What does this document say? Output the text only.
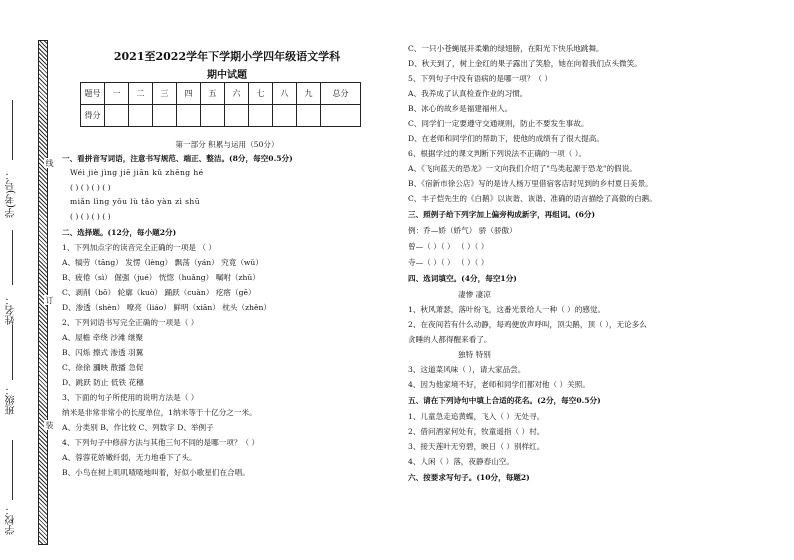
学(考)号：
姓名：
班级：
学校：
线
订
装
2021至2022学年下学期小学四年级语文学科
期中试题
题号	一	二	三	四	五	六	七	八	九	总分
得分										
第一部分 积累与运用（50分）
一、看拼音写词语，注意书写规范、端正、整洁。(8分，每空0.5分)
Wéi jiè jìng jiē jiān kǔ zhēng hé
( ) ( ) ( ) ( )
miǎn lìng yǒu lù tǎo yàn zì shū
( ) ( ) ( ) ( )
二、选择题。(12分，每小题2分)
1、下列加点字的读音完全正确的一项是 （ ）
A、犒劳（tāng） 发愣（lèng） 飘荡（yán） 究竟（wǔ）
B、疲倦（sì） 倔强（jué） 恍惚（huǎng） 嘱咐（zhǔ）
C、剥削（bō） 轮廓（kuò） 踊跃（cuàn） 疙瘩（gē）
D、渗透（shèn） 嘹亮（liáo） 鲜明（xiān） 枕头（zhěn）
2、下列词语书写完全正确的一项是（ ）
A、屋檐 牵绕 沙滩 继聚
B、闪烁 擦式 渗透 羽翼
C、徐徐 瀰映 散播 急促
D、跳跃 防止 低铁 花穗
3、下面的句子所使用的说明方法是（ ）
纳米是非常非常小的长度单位，1纳米等于十亿分之一米。
A、分类别 B、作比较 C、列数字 D、举例子
4、下列句子中修辞方法与其他三句不同的是哪一项？（ ）
A、蓉蓉花娇嫩纤弱，无力地垂下了头。
B、小鸟在树上叽叽喳喳地叫着，好似小歌星们在合唱。
C、一只小苍蝇展开柔嫩的绿翅膀，在阳光下快乐地跳舞。
D、秋天到了，树上金红的果子露出了笑脸，她在向着我们点头微笑。
5、下列句子中没有语病的是哪一项？（ ）
A、我养成了认真检查作业的习惯。
B、冰心的故乡是福建福州人。
C、同学们一定要遵守交通规则，防止不要发生事故。
D、在老师和同学们的帮助下，使他的成绩有了很大提高。
6、根据学过的课文判断下列说法不正确的一项（ ）。
A、《飞向蓝天的恐龙》一文向我们介绍了"鸟类起源于恐龙"的假说。
B、《宿新市徐公店》写的是诗人杨万里借宿客店时见到的乡村夏日美景。
C、丰子恺先生的《白鹅》以诙谐、诙谐、准确的语言描绘了高傲的白鹅。
三、照例子给下列字加上偏旁构成新字，再组词。(6分)
例：乔—娇（娇气） 骄（骄傲）
曾—（ ）（ ） （ ）（ ）
寺—（ ）（ ） （ ）（ ）
四、选词填空。(4分，每空1分)
凄惨 凄凉
1、秋风萧瑟，落叶纷飞，这番光景给人一种（ ）的感觉。
2、在夜间若有什么动静，每鸡便放声呼叫，顶尖鹅，顶（ ），无论多么
贪睡的人都得醒来看了。
独特 特别
3、这道菜风味（ ），请大家品尝。
4、因为他家境不好，老师和同学们都对他（ ）关照。
五、请在下列诗句中填上合适的花名。(2分，每空0.5分)
1、儿童急走追黄蝶，飞入（ ）无处寻。
2、借问酒家何处有，牧童遥指（ ）村。
3、接天莲叶无穷碧，映日（ ）别样红。
4、人闲（ ）落，夜静春山空。
六、按要求写句子。(10分，每题2)
